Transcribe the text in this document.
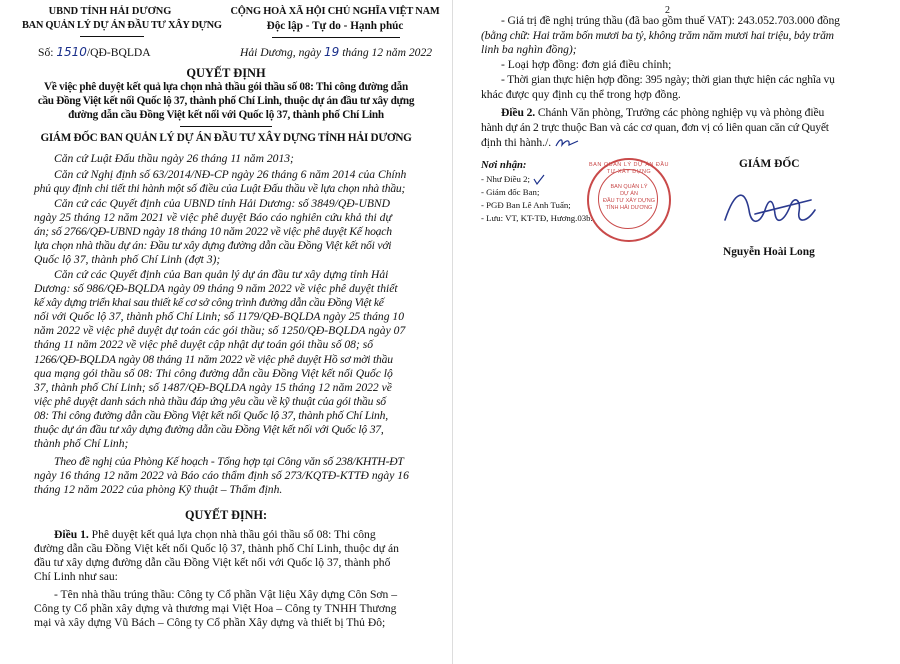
UBND TỈNH HẢI DƯƠNG
BAN QUẢN LÝ DỰ ÁN ĐẦU TƯ XÂY DỰNG
CỘNG HOÀ XÃ HỘI CHỦ NGHĨA VIỆT NAM
Độc lập - Tự do - Hạnh phúc
Số: 1510/QĐ-BQLDA	Hải Dương, ngày 19 tháng 12 năm 2022
QUYẾT ĐỊNH
Về việc phê duyệt kết quả lựa chọn nhà thầu gói thầu số 08: Thi công đường dẫn
cầu Đồng Việt kết nối Quốc lộ 37, thành phố Chí Linh, thuộc dự án đầu tư xây dựng
đường dẫn cầu Đồng Việt kết nối với Quốc lộ 37, thành phố Chí Linh
GIÁM ĐỐC BAN QUẢN LÝ DỰ ÁN ĐẦU TƯ XÂY DỰNG TỈNH HẢI DƯƠNG
Căn cứ Luật Đấu thầu ngày 26 tháng 11 năm 2013;
Căn cứ Nghị định số 63/2014/NĐ-CP ngày 26 tháng 6 năm 2014 của Chính
phủ quy định chi tiết thi hành một số điều của Luật Đấu thầu về lựa chọn nhà thầu;
Căn cứ các Quyết định của UBND tỉnh Hải Dương: số 3849/QĐ-UBND
ngày 25 tháng 12 năm 2021 về việc phê duyệt Báo cáo nghiên cứu khả thi dự
án; số 2766/QĐ-UBND ngày 18 tháng 10 năm 2022 về việc phê duyệt Kế hoạch
lựa chọn nhà thầu dự án: Đầu tư xây dựng đường dẫn cầu Đồng Việt kết nối với
Quốc lộ 37, thành phố Chí Linh (đợt 3);
Căn cứ các Quyết định của Ban quản lý dự án đầu tư xây dựng tỉnh Hải
Dương: số 986/QĐ-BQLDA ngày 09 tháng 9 năm 2022 về việc phê duyệt thiết
kế xây dựng triển khai sau thiết kế cơ sở công trình đường dẫn cầu Đồng Việt kế
nối với Quốc lộ 37, thành phố Chí Linh; số 1179/QĐ-BQLDA ngày 25 tháng 10
năm 2022 về việc phê duyệt dự toán các gói thầu; số 1250/QĐ-BQLDA ngày 07
tháng 11 năm 2022 về việc phê duyệt cập nhật dự toán gói thầu số 08; số
1266/QĐ-BQLDA ngày 08 tháng 11 năm 2022 về việc phê duyệt Hồ sơ mời thầu
qua mạng gói thầu số 08: Thi công đường dẫn cầu Đồng Việt kết nối Quốc lộ
37, thành phố Chí Linh; số 1487/QĐ-BQLDA ngày 15 tháng 12 năm 2022 về
việc phê duyệt danh sách nhà thầu đáp ứng yêu cầu về kỹ thuật của gói thầu số
08: Thi công đường dẫn cầu Đồng Việt kết nối Quốc lộ 37, thành phố Chí Linh,
thuộc dự án đầu tư xây dựng đường dẫn cầu Đồng Việt kết nối với Quốc lộ 37,
thành phố Chí Linh;
Theo đề nghị của Phòng Kế hoạch - Tổng hợp tại Công văn số 238/KHTH-ĐT
ngày 16 tháng 12 năm 2022 và Báo cáo thẩm định số 273/KQTĐ-KTTĐ ngày 16
tháng 12 năm 2022 của phòng Kỹ thuật – Thẩm định.
QUYẾT ĐỊNH:
Điều 1. Phê duyệt kết quả lựa chọn nhà thầu gói thầu số 08: Thi công
đường dẫn cầu Đồng Việt kết nối Quốc lộ 37, thành phố Chí Linh, thuộc dự án
đầu tư xây dựng đường dẫn cầu Đồng Việt kết nối với Quốc lộ 37, thành phố
Chí Linh như sau:
- Tên nhà thầu trúng thầu: Công ty Cổ phần Vật liệu Xây dựng Côn Sơn –
Công ty Cổ phần xây dựng và thương mại Việt Hoa – Công ty TNHH Thương
mại và xây dựng Vũ Bách – Công ty Cổ phần Xây dựng và thiết bị Thủ Đô;
2
- Giá trị đề nghị trúng thầu (đã bao gồm thuế VAT): 243.052.703.000 đồng
(bằng chữ: Hai trăm bốn mươi ba tỷ, không trăm năm mươi hai triệu, bảy trăm
linh ba nghìn đồng);
- Loại hợp đồng: đơn giá điều chỉnh;
- Thời gian thực hiện hợp đồng: 395 ngày; thời gian thực hiện các nghĩa vụ
khác được quy định cụ thể trong hợp đồng.
Điều 2. Chánh Văn phòng, Trưởng các phòng nghiệp vụ và phòng điều
hành dự án 2 trực thuộc Ban và các cơ quan, đơn vị có liên quan căn cứ Quyết
định thi hành./.
Nơi nhận:
- Như Điều 2;
- Giám đốc Ban;
- PGĐ Ban Lê Anh Tuấn;
- Lưu: VT, KT-TĐ, Hương.03b.
GIÁM ĐỐC
BAN QUẢN LÝ DỰ ÁN ĐẦU TƯ XÂY DỰNG
BAN QUẢN LÝ
DỰ ÁN
ĐẦU TƯ XÂY DỰNG
TỈNH HẢI DƯƠNG
Nguyễn Hoài Long
